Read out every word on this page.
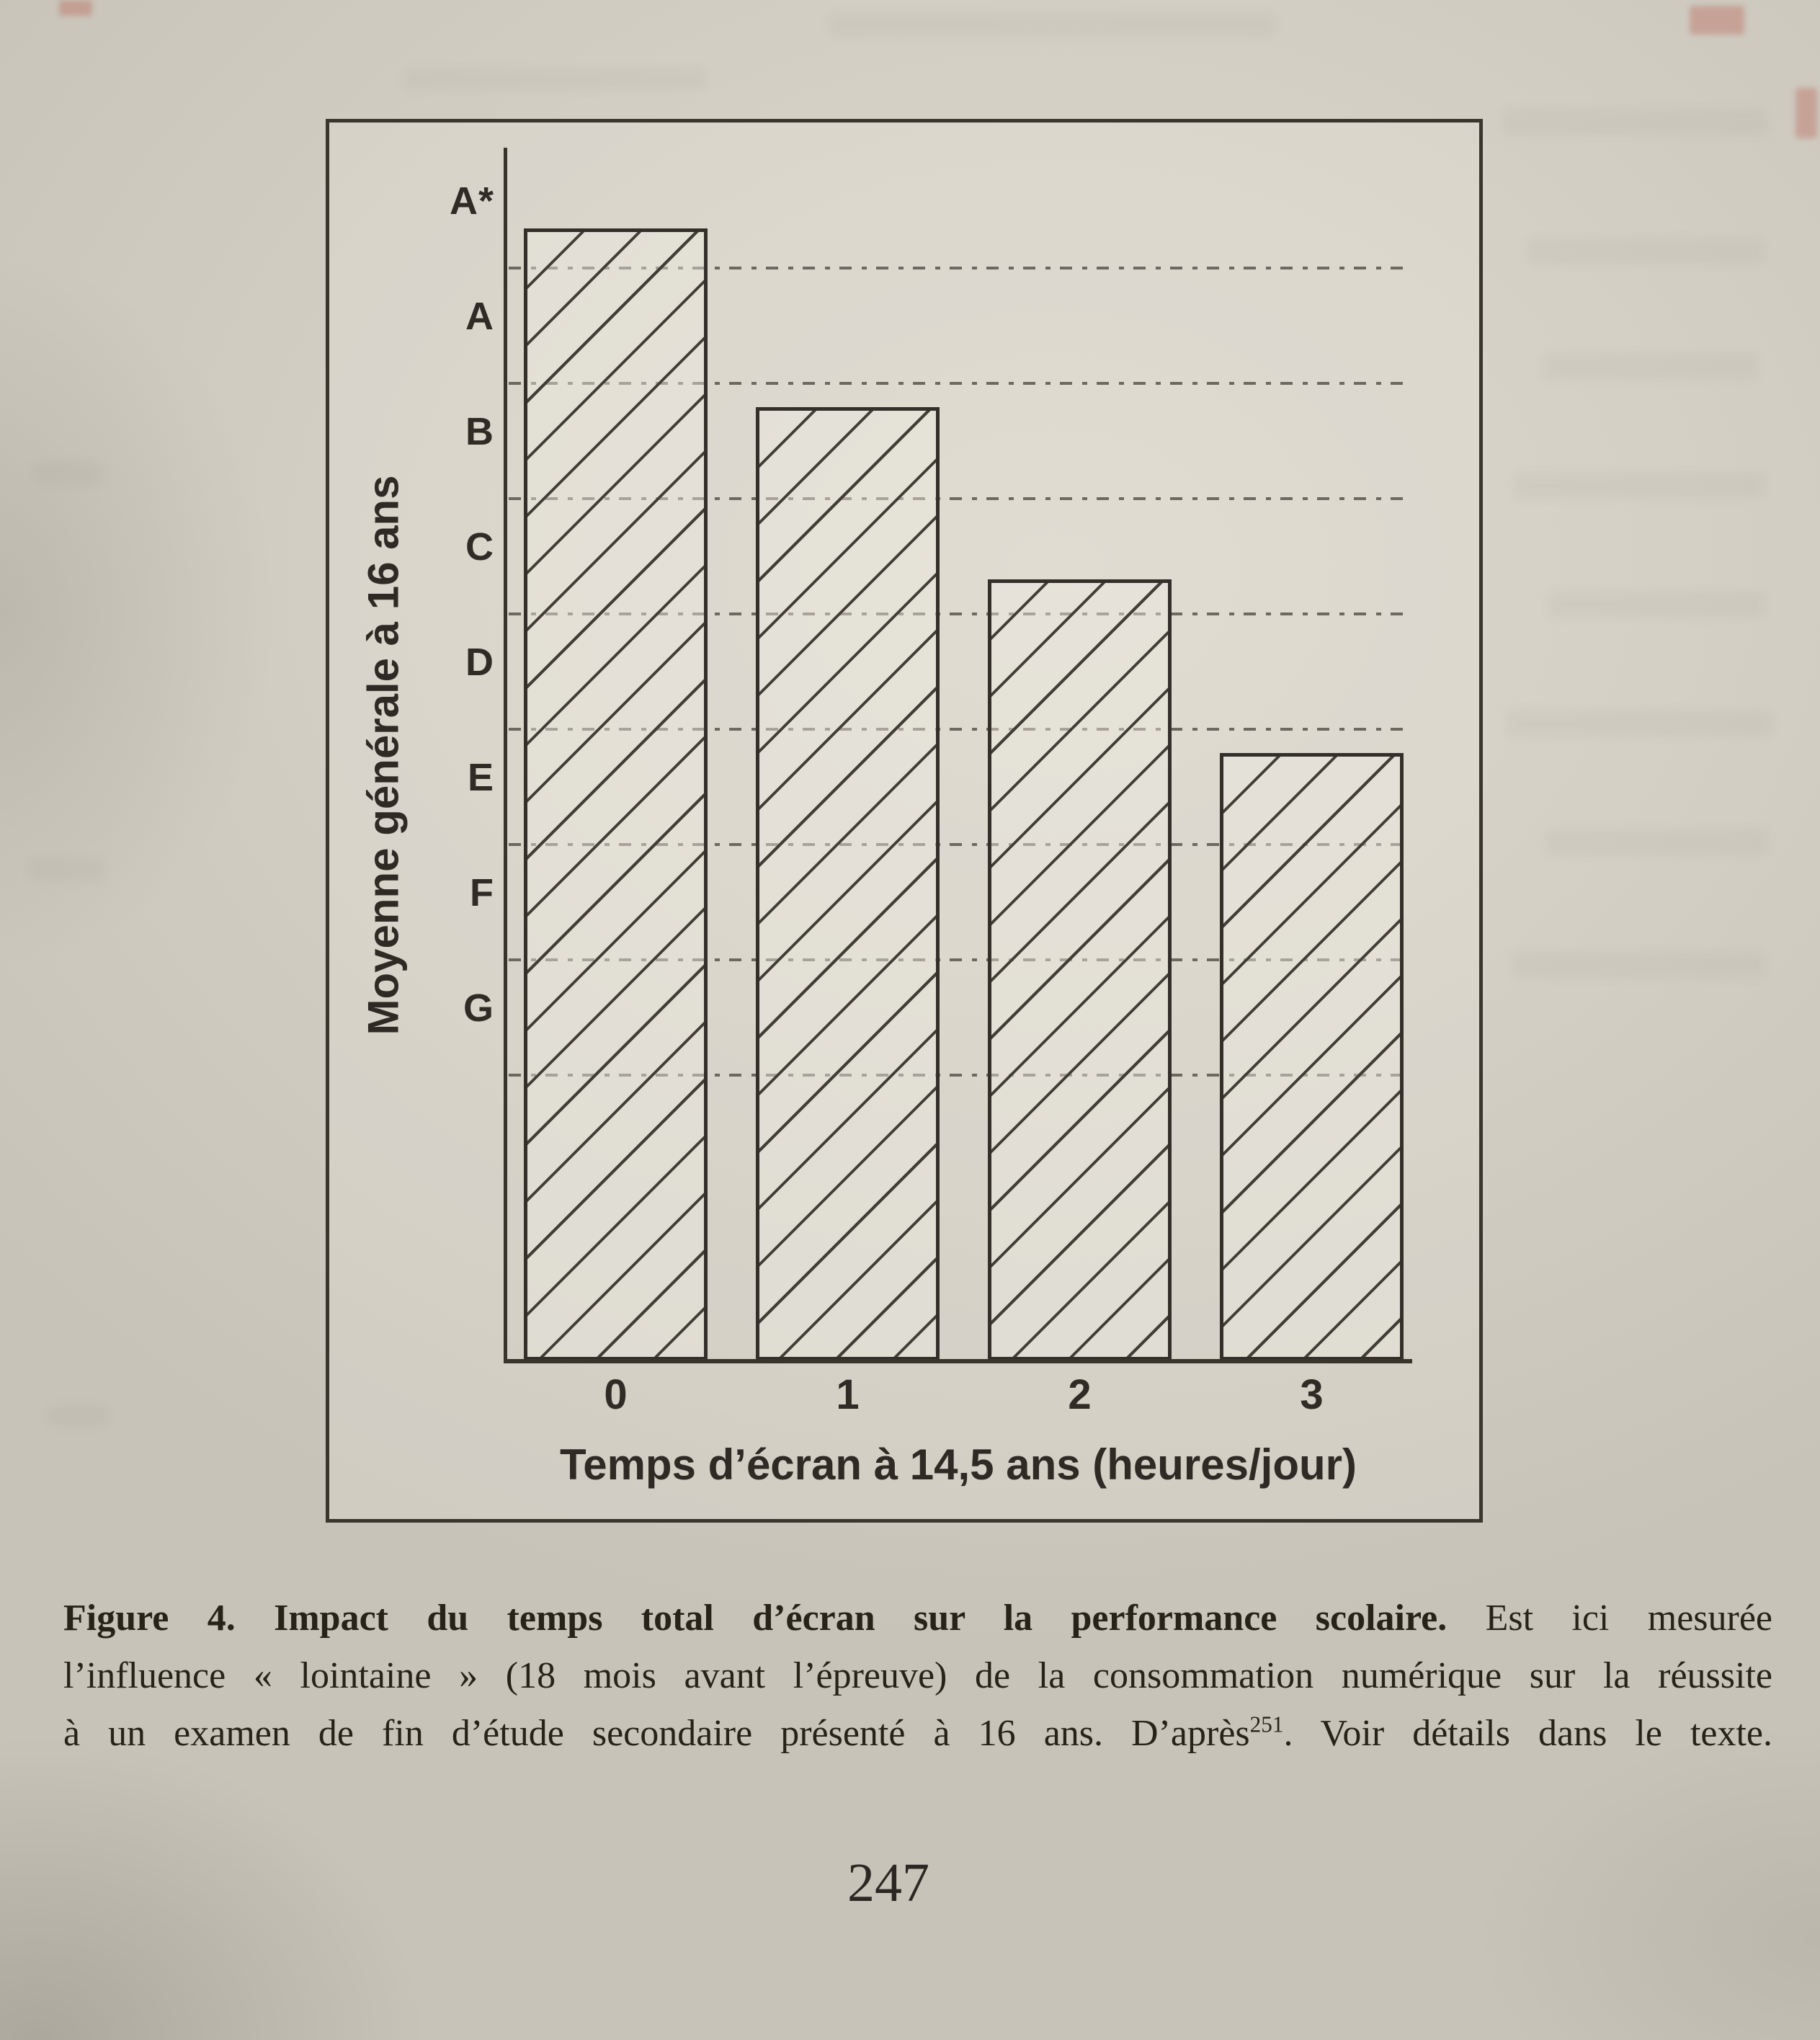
Moyenne générale à 16 ans
A*
A
B
C
D
E
F
G
0	1	2	3
Temps d’écran à 14,5 ans (heures/jour)
Figure 4. Impact du temps total d’écran sur la performance scolaire. Est ici mesurée
l’influence « lointaine » (18 mois avant l’épreuve) de la consommation numérique sur la réussite
à un examen de fin d’étude secondaire présenté à 16 ans. D’après$^{251}$. Voir détails dans le texte.
247
